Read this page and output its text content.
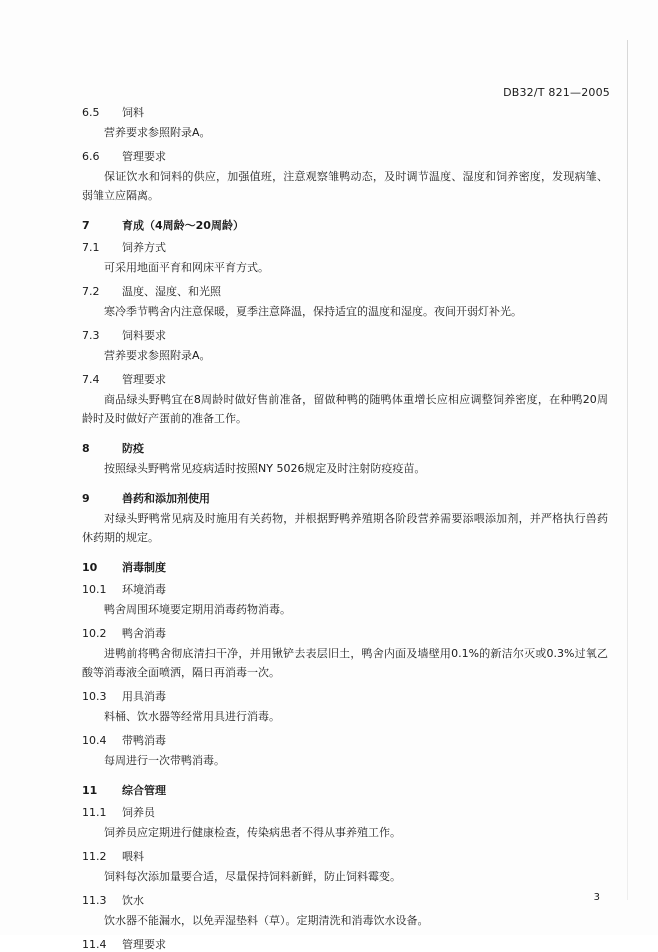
DB32/T 821—2005
6.5 饲料
营养要求参照附录A。
6.6 管理要求
保证饮水和饲料的供应，加强值班，注意观察雏鸭动态，及时调节温度、湿度和饲养密度，发现病雏、弱雏立应隔离。
7	育成（4周龄～20周龄）
7.1 饲养方式
可采用地面平育和网床平育方式。
7.2 温度、湿度、和光照
寒冷季节鸭舍内注意保暖，夏季注意降温，保持适宜的温度和湿度。夜间开弱灯补光。
7.3 饲料要求
营养要求参照附录A。
7.4 管理要求
商品绿头野鸭宜在8周龄时做好售前准备，留做种鸭的随鸭体重增长应相应调整饲养密度，在种鸭20周龄时及时做好产蛋前的准备工作。
8	防疫
按照绿头野鸭常见疫病适时按照NY 5026规定及时注射防疫疫苗。
9	兽药和添加剂使用
对绿头野鸭常见病及时施用有关药物，并根据野鸭养殖期各阶段营养需要添喂添加剂，并严格执行兽药休药期的规定。
10 消毒制度
10.1 环境消毒
鸭舍周围环境要定期用消毒药物消毒。
10.2 鸭舍消毒
进鸭前将鸭舍彻底清扫干净，并用锹铲去表层旧土，鸭舍内面及墙壁用0.1%的新洁尔灭或0.3%过氧乙酸等消毒液全面喷洒，隔日再消毒一次。
10.3 用具消毒
料桶、饮水器等经常用具进行消毒。
10.4 带鸭消毒
每周进行一次带鸭消毒。
11 综合管理
11.1 饲养员
饲养员应定期进行健康检查，传染病患者不得从事养殖工作。
11.2 喂料
饲料每次添加量要合适，尽量保持饲料新鲜，防止饲料霉变。
11.3 饮水
饮水器不能漏水，以免弄湿垫料（草）。定期清洗和消毒饮水设备。
11.4 管理要求
3
